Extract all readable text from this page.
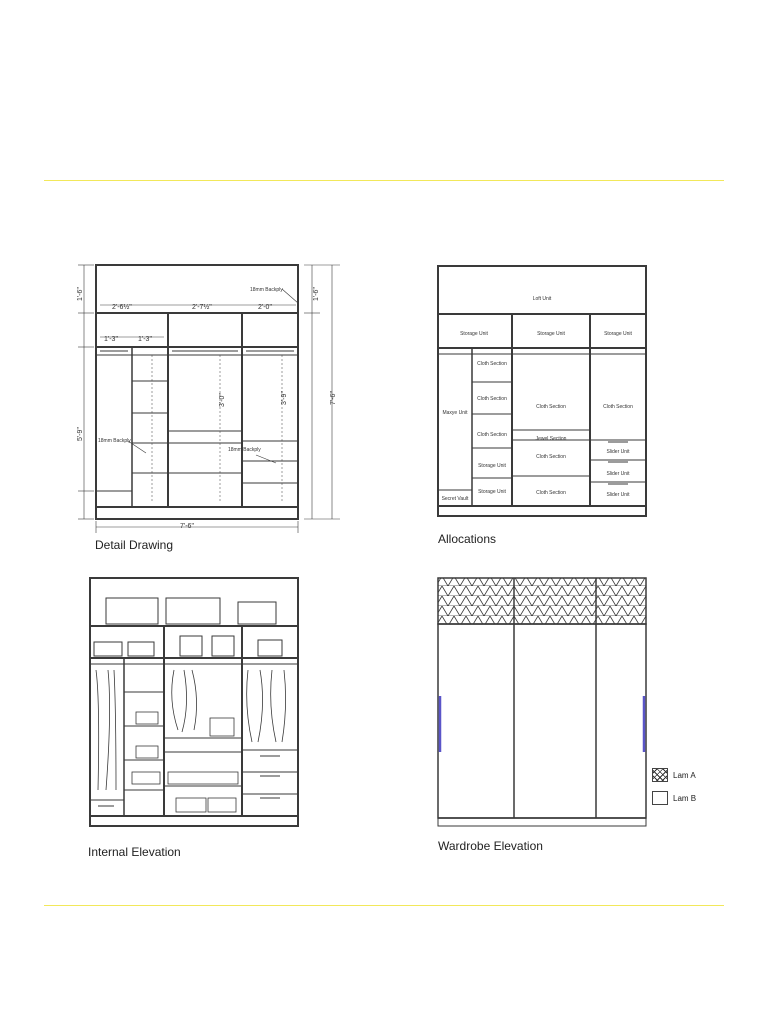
2'-6½"	2'-7½"	2'-0"
1'-3"	1'-3"
7'-6"
18mm Backply
18mm Backply
18mm Backply
7'-6"
1'-6"
1'-6"
3'-0"	3'-9"
5'-9"
Detail Drawing
Loft Unit
Storage Unit	Storage Unit	Storage Unit
Maxye Unit
Secret Vault
Cloth Section
Cloth Section
Cloth Section
Storage Unit
Storage Unit
Cloth Section
Jewel Section
Cloth Section
Cloth Section
Cloth Section
Slider Unit
Slider Unit
Slider Unit
Allocations
Internal Elevation	Wardrobe Elevation
Lam A
Lam B
